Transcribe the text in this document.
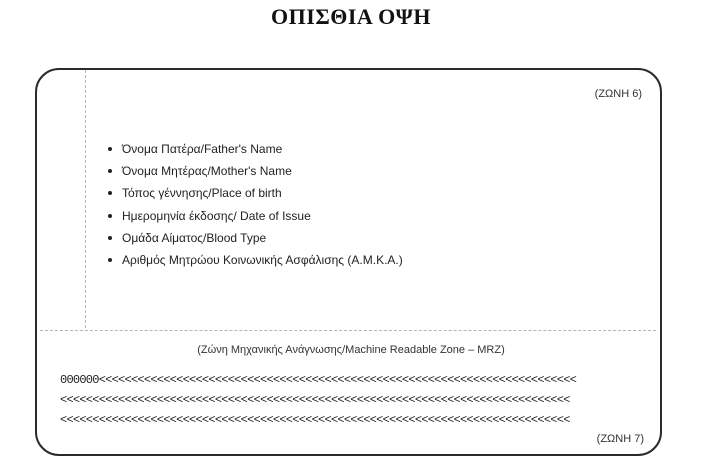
ΟΠΙΣΘΙΑ ΟΨΗ
(ΖΩΝΗ 6)
Όνομα Πατέρα/Father's Name
Όνομα Μητέρας/Mother's Name
Τόπος γέννησης/Place of birth
Ημερομηνία έκδοσης/ Date of Issue
Ομάδα Αίματος/Blood Type
Αριθμός Μητρώου Κοινωνικής Ασφάλισης (Α.Μ.Κ.Α.)
(Ζώνη Μηχανικής Ανάγνωσης/Machine Readable Zone – MRZ)
000000<<<<<<<<<<<<<<<<<<<<<<<<<<<<<<<<<<<<<<<<<<<<<<<<<<<<<<<<<<<<<<<<<<<<<<<<<<
<<<<<<<<<<<<<<<<<<<<<<<<<<<<<<<<<<<<<<<<<<<<<<<<<<<<<<<<<<<<<<<<<<<<<<<<<<<<<<<
<<<<<<<<<<<<<<<<<<<<<<<<<<<<<<<<<<<<<<<<<<<<<<<<<<<<<<<<<<<<<<<<<<<<<<<<<<<<<<<
(ΖΩΝΗ 7)
